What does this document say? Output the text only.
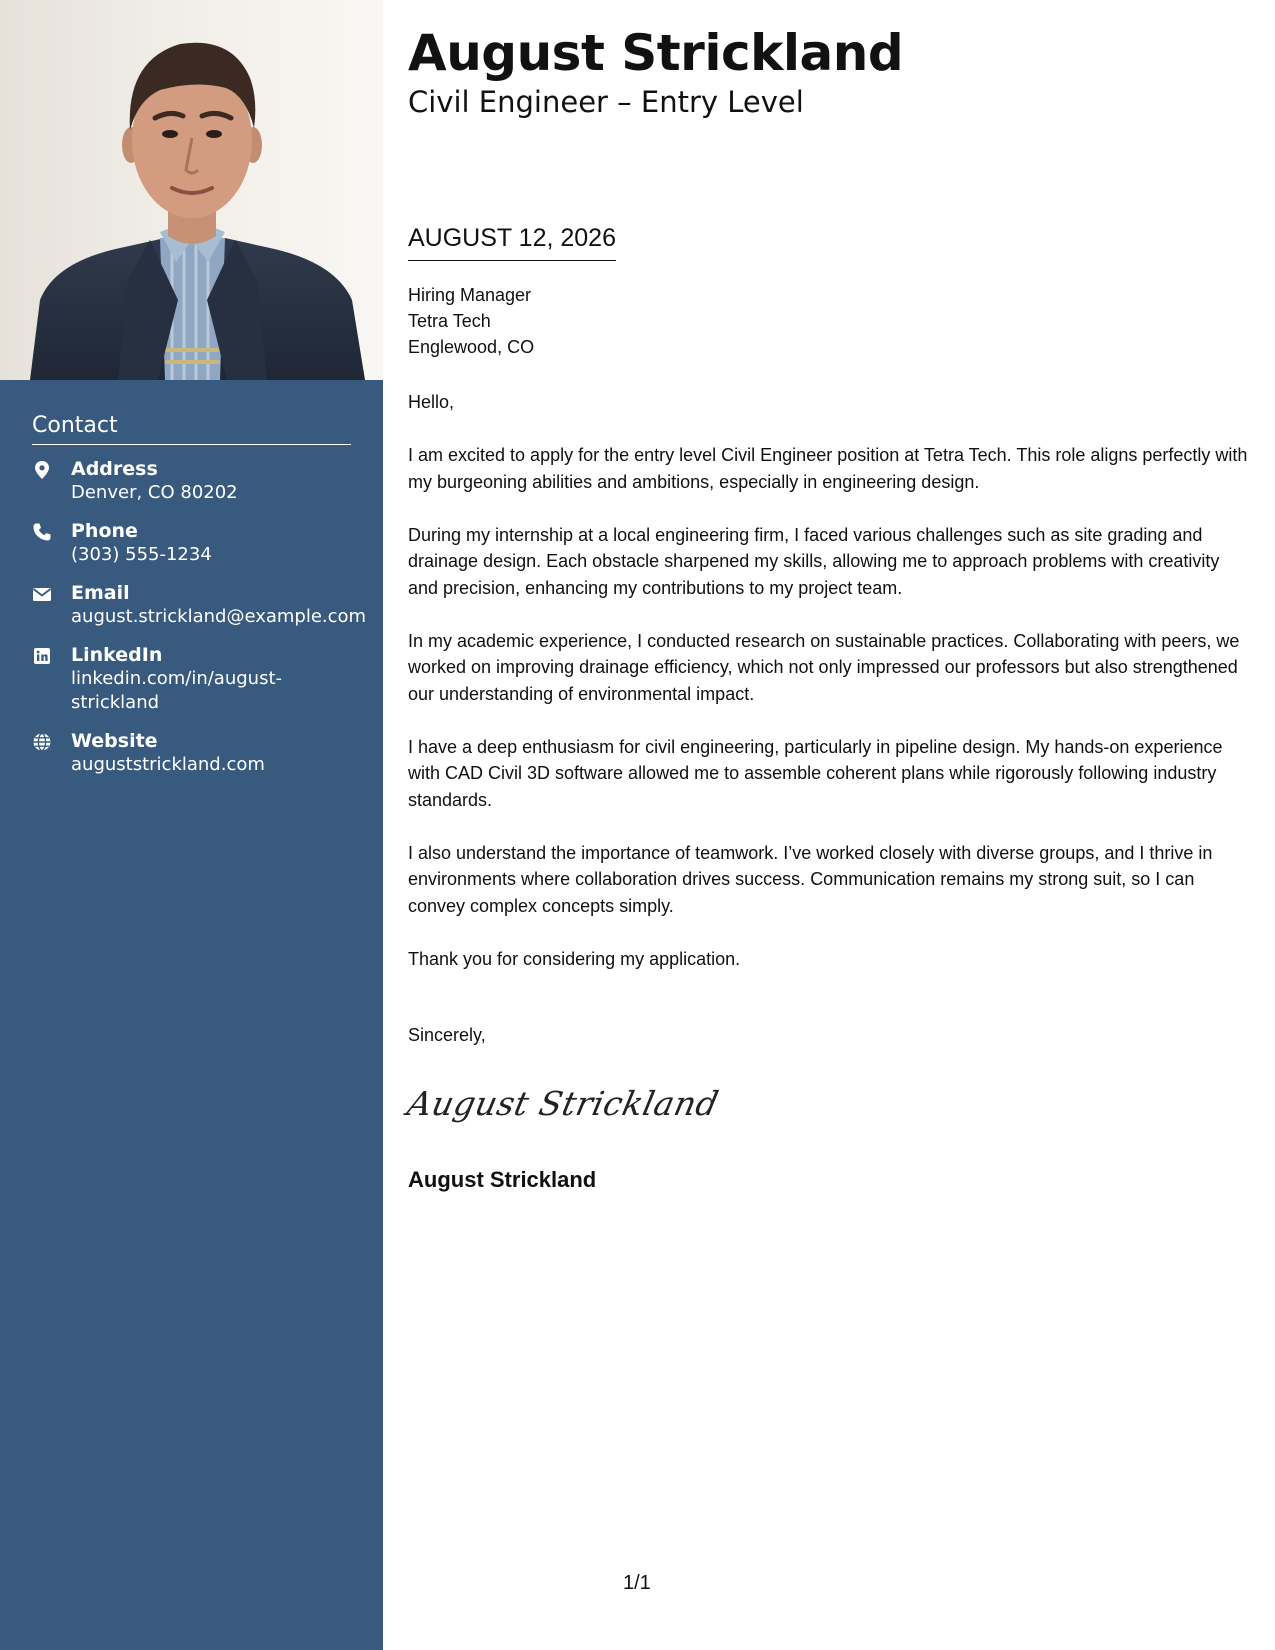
Contact
Address
Denver, CO 80202
Phone
(303) 555-1234
Email
august.strickland@example.com
LinkedIn
linkedin.com/in/august-strickland
Website
auguststrickland.com
August Strickland
Civil Engineer – Entry Level
AUGUST 12, 2026
Hiring Manager
Tetra Tech
Englewood, CO

Hello,

I am excited to apply for the entry level Civil Engineer position at Tetra Tech. This role aligns perfectly with my burgeoning abilities and ambitions, especially in engineering design.

During my internship at a local engineering firm, I faced various challenges such as site grading and drainage design. Each obstacle sharpened my skills, allowing me to approach problems with creativity and precision, enhancing my contributions to my project team.

In my academic experience, I conducted research on sustainable practices. Collaborating with peers, we worked on improving drainage efficiency, which not only impressed our professors but also strengthened our understanding of environmental impact.

I have a deep enthusiasm for civil engineering, particularly in pipeline design. My hands-on experience with CAD Civil 3D software allowed me to assemble coherent plans while rigorously following industry standards.

I also understand the importance of teamwork. I’ve worked closely with diverse groups, and I thrive in environments where collaboration drives success. Communication remains my strong suit, so I can convey complex concepts simply.

Thank you for considering my application.

Sincerely,
August Strickland
August Strickland
1/1
